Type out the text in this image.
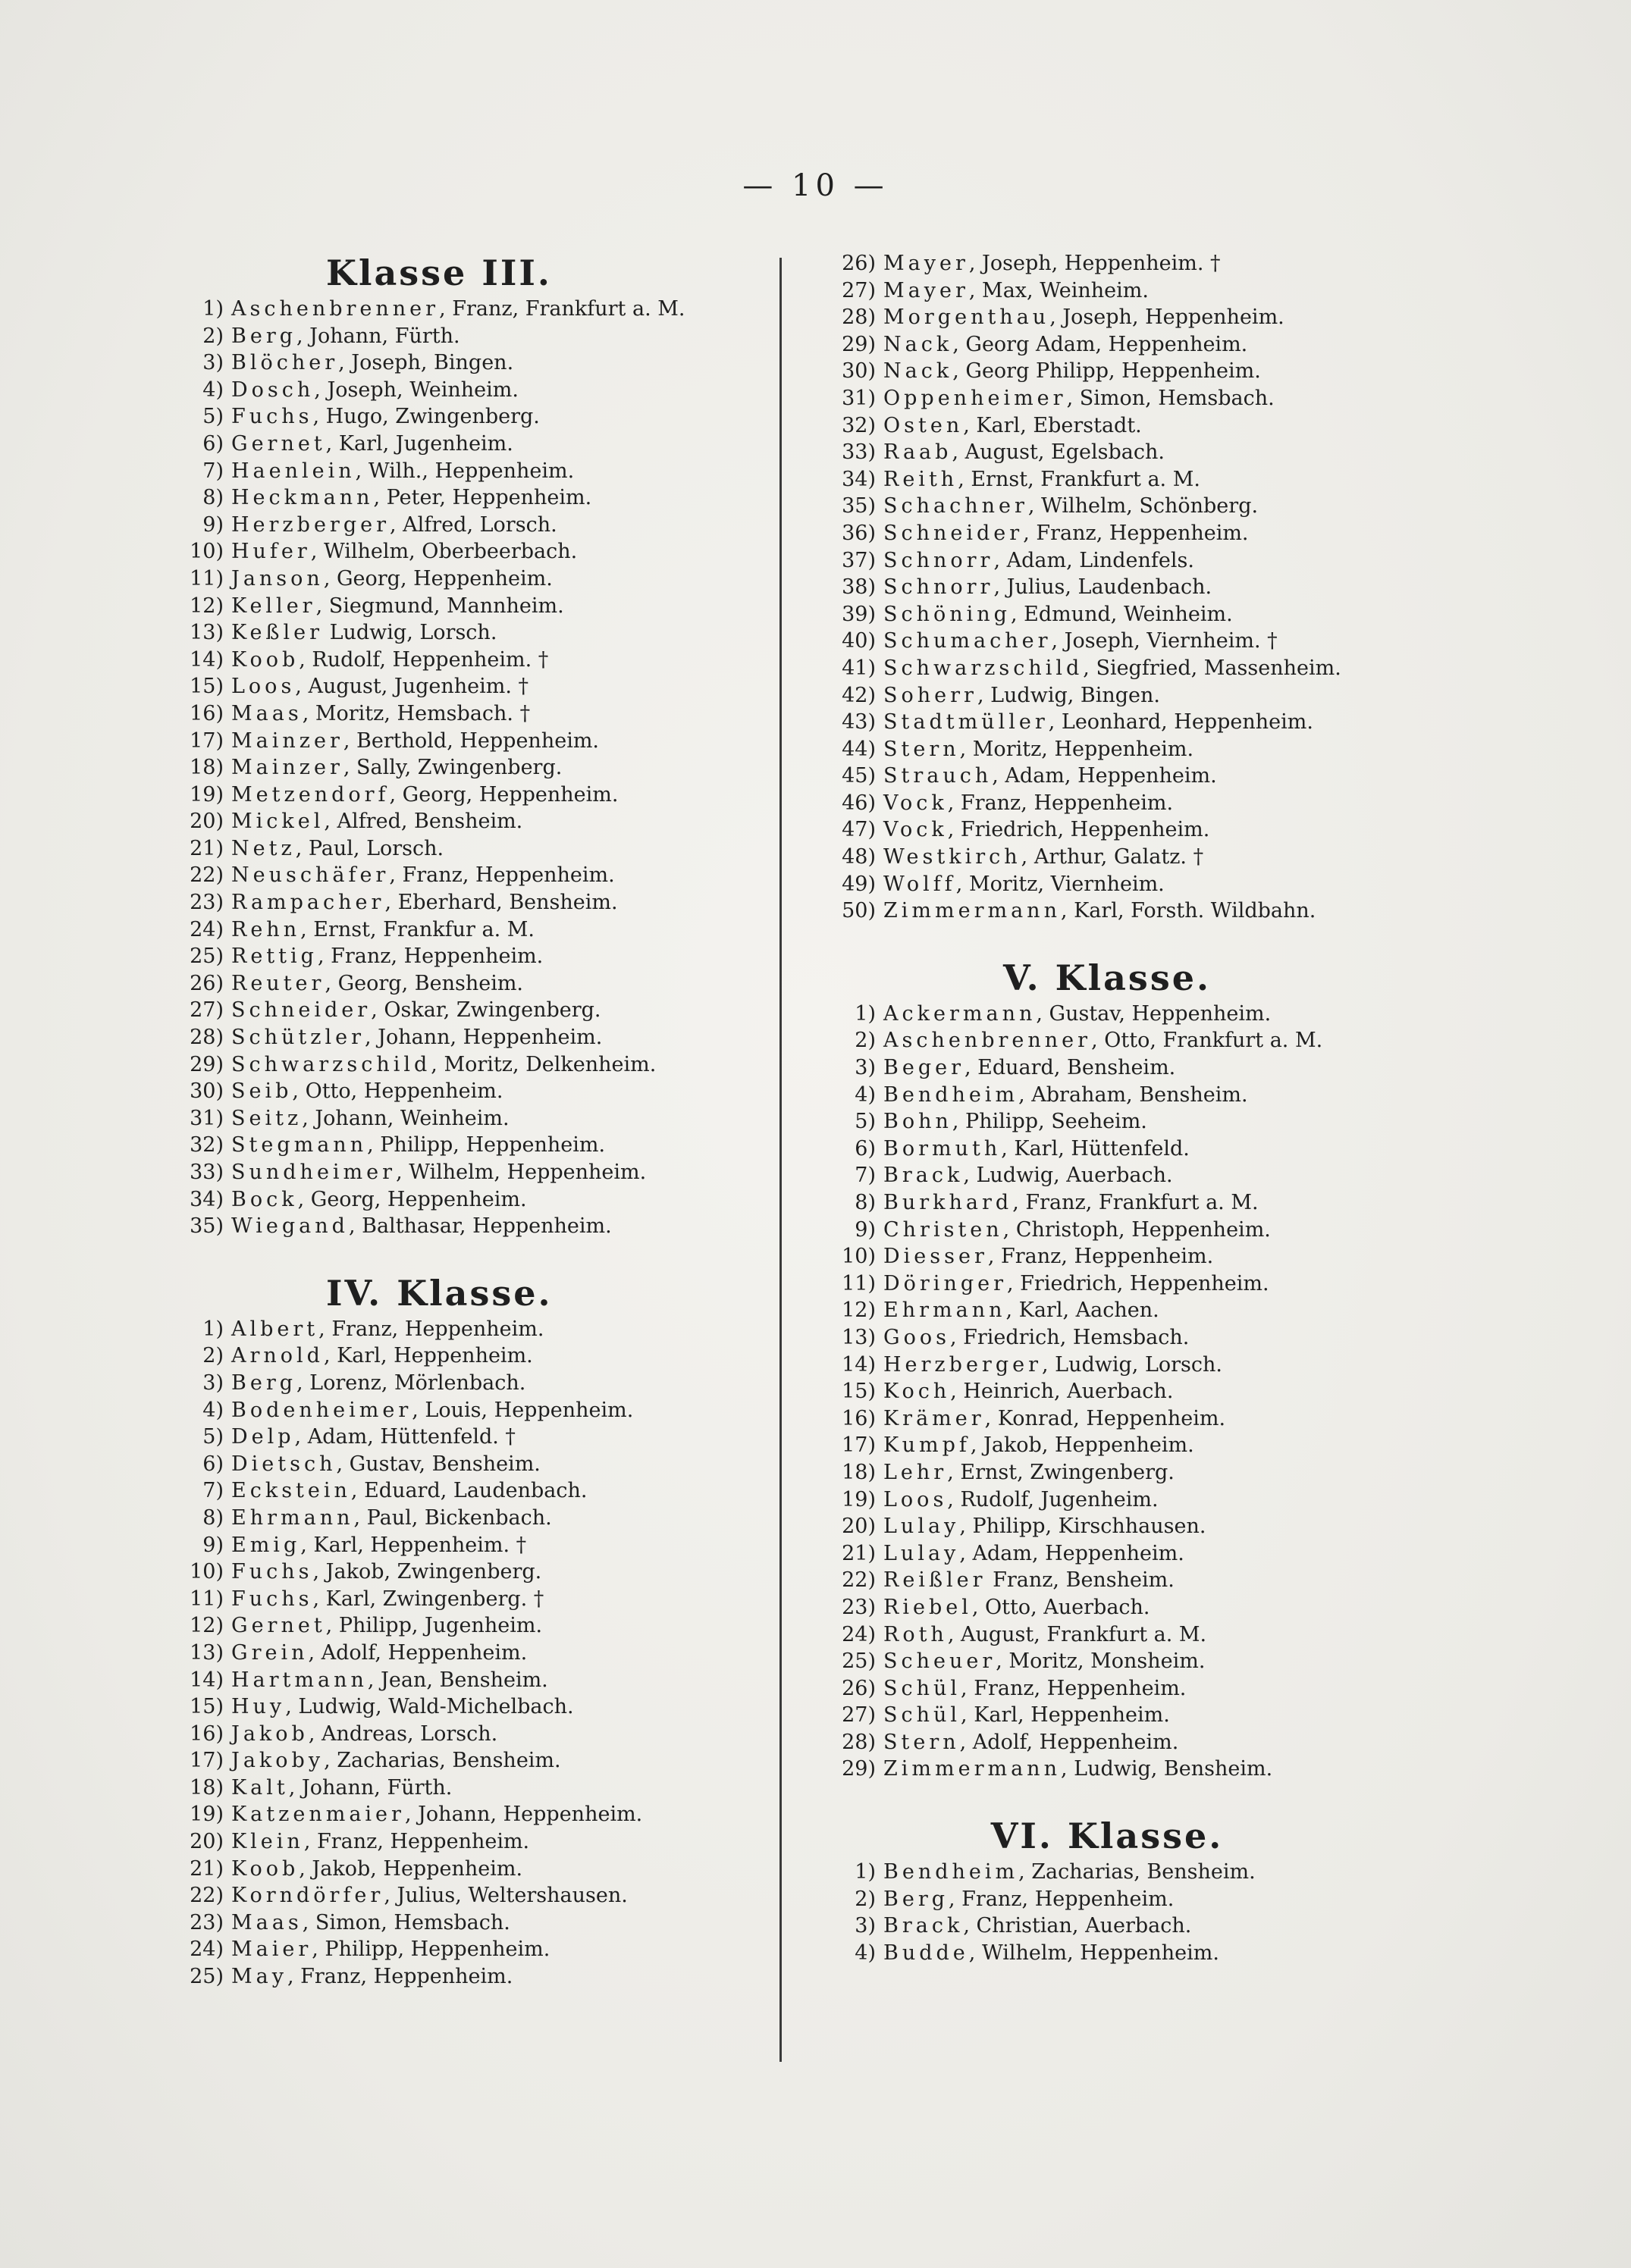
— 10 —
Klasse III.
1) Aschenbrenner, Franz, Frankfurt a. M.
2) Berg, Johann, Fürth.
3) Blöcher, Joseph, Bingen.
4) Dosch, Joseph, Weinheim.
5) Fuchs, Hugo, Zwingenberg.
6) Gernet, Karl, Jugenheim.
7) Haenlein, Wilh., Heppenheim.
8) Heckmann, Peter, Heppenheim.
9) Herzberger, Alfred, Lorsch.
10) Hufer, Wilhelm, Oberbeerbach.
11) Janson, Georg, Heppenheim.
12) Keller, Siegmund, Mannheim.
13) Keßler Ludwig, Lorsch.
14) Koob, Rudolf, Heppenheim. †
15) Loos, August, Jugenheim. †
16) Maas, Moritz, Hemsbach. †
17) Mainzer, Berthold, Heppenheim.
18) Mainzer, Sally, Zwingenberg.
19) Metzendorf, Georg, Heppenheim.
20) Mickel, Alfred, Bensheim.
21) Netz, Paul, Lorsch.
22) Neuschäfer, Franz, Heppenheim.
23) Rampacher, Eberhard, Bensheim.
24) Rehn, Ernst, Frankfur a. M.
25) Rettig, Franz, Heppenheim.
26) Reuter, Georg, Bensheim.
27) Schneider, Oskar, Zwingenberg.
28) Schützler, Johann, Heppenheim.
29) Schwarzschild, Moritz, Delkenheim.
30) Seib, Otto, Heppenheim.
31) Seitz, Johann, Weinheim.
32) Stegmann, Philipp, Heppenheim.
33) Sundheimer, Wilhelm, Heppenheim.
34) Bock, Georg, Heppenheim.
35) Wiegand, Balthasar, Heppenheim.
IV. Klasse.
1) Albert, Franz, Heppenheim.
2) Arnold, Karl, Heppenheim.
3) Berg, Lorenz, Mörlenbach.
4) Bodenheimer, Louis, Heppenheim.
5) Delp, Adam, Hüttenfeld. †
6) Dietsch, Gustav, Bensheim.
7) Eckstein, Eduard, Laudenbach.
8) Ehrmann, Paul, Bickenbach.
9) Emig, Karl, Heppenheim. †
10) Fuchs, Jakob, Zwingenberg.
11) Fuchs, Karl, Zwingenberg. †
12) Gernet, Philipp, Jugenheim.
13) Grein, Adolf, Heppenheim.
14) Hartmann, Jean, Bensheim.
15) Huy, Ludwig, Wald-Michelbach.
16) Jakob, Andreas, Lorsch.
17) Jakoby, Zacharias, Bensheim.
18) Kalt, Johann, Fürth.
19) Katzenmaier, Johann, Heppenheim.
20) Klein, Franz, Heppenheim.
21) Koob, Jakob, Heppenheim.
22) Korndörfer, Julius, Weltershausen.
23) Maas, Simon, Hemsbach.
24) Maier, Philipp, Heppenheim.
25) May, Franz, Heppenheim.
26) Mayer, Joseph, Heppenheim. †
27) Mayer, Max, Weinheim.
28) Morgenthau, Joseph, Heppenheim.
29) Nack, Georg Adam, Heppenheim.
30) Nack, Georg Philipp, Heppenheim.
31) Oppenheimer, Simon, Hemsbach.
32) Osten, Karl, Eberstadt.
33) Raab, August, Egelsbach.
34) Reith, Ernst, Frankfurt a. M.
35) Schachner, Wilhelm, Schönberg.
36) Schneider, Franz, Heppenheim.
37) Schnorr, Adam, Lindenfels.
38) Schnorr, Julius, Laudenbach.
39) Schöning, Edmund, Weinheim.
40) Schumacher, Joseph, Viernheim. †
41) Schwarzschild, Siegfried, Massenheim.
42) Soherr, Ludwig, Bingen.
43) Stadtmüller, Leonhard, Heppenheim.
44) Stern, Moritz, Heppenheim.
45) Strauch, Adam, Heppenheim.
46) Vock, Franz, Heppenheim.
47) Vock, Friedrich, Heppenheim.
48) Westkirch, Arthur, Galatz. †
49) Wolff, Moritz, Viernheim.
50) Zimmermann, Karl, Forsth. Wildbahn.
V. Klasse.
1) Ackermann, Gustav, Heppenheim.
2) Aschenbrenner, Otto, Frankfurt a. M.
3) Beger, Eduard, Bensheim.
4) Bendheim, Abraham, Bensheim.
5) Bohn, Philipp, Seeheim.
6) Bormuth, Karl, Hüttenfeld.
7) Brack, Ludwig, Auerbach.
8) Burkhard, Franz, Frankfurt a. M.
9) Christen, Christoph, Heppenheim.
10) Diesser, Franz, Heppenheim.
11) Döringer, Friedrich, Heppenheim.
12) Ehrmann, Karl, Aachen.
13) Goos, Friedrich, Hemsbach.
14) Herzberger, Ludwig, Lorsch.
15) Koch, Heinrich, Auerbach.
16) Krämer, Konrad, Heppenheim.
17) Kumpf, Jakob, Heppenheim.
18) Lehr, Ernst, Zwingenberg.
19) Loos, Rudolf, Jugenheim.
20) Lulay, Philipp, Kirschhausen.
21) Lulay, Adam, Heppenheim.
22) Reißler Franz, Bensheim.
23) Riebel, Otto, Auerbach.
24) Roth, August, Frankfurt a. M.
25) Scheuer, Moritz, Monsheim.
26) Schül, Franz, Heppenheim.
27) Schül, Karl, Heppenheim.
28) Stern, Adolf, Heppenheim.
29) Zimmermann, Ludwig, Bensheim.
VI. Klasse.
1) Bendheim, Zacharias, Bensheim.
2) Berg, Franz, Heppenheim.
3) Brack, Christian, Auerbach.
4) Budde, Wilhelm, Heppenheim.
